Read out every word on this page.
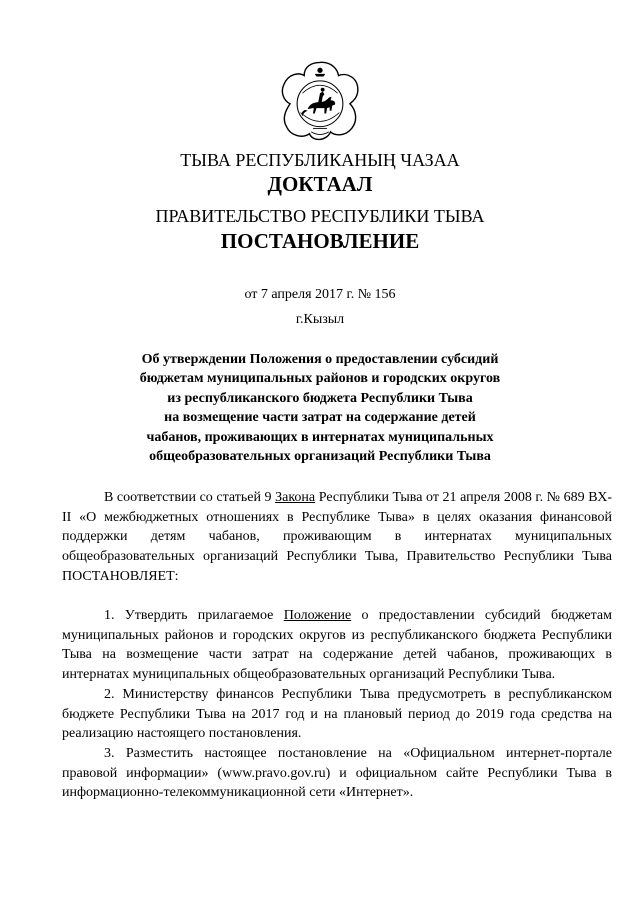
ТЫВА РЕСПУБЛИКАНЫҢ ЧАЗАА
ДОКТААЛ
ПРАВИТЕЛЬСТВО РЕСПУБЛИКИ ТЫВА
ПОСТАНОВЛЕНИЕ
от 7 апреля 2017 г. № 156
г.Кызыл
Об утверждении Положения о предоставлении субсидий
бюджетам муниципальных районов и городских округов
из республиканского бюджета Республики Тыва
на возмещение части затрат на содержание детей
чабанов, проживающих в интернатах муниципальных
общеобразовательных организаций Республики Тыва

В соответствии со статьей 9 Закона Республики Тыва от 21 апреля 2008 г. № 689 ВХ-II «О межбюджетных отношениях в Республике Тыва» в целях оказания финансовой поддержки детям чабанов, проживающим в интернатах муниципальных общеобразовательных организаций Республики Тыва, Правительство Республики Тыва ПОСТАНОВЛЯЕТ:

1. Утвердить прилагаемое Положение о предоставлении субсидий бюджетам муниципальных районов и городских округов из республиканского бюджета Республики Тыва на возмещение части затрат на содержание детей чабанов, проживающих в интернатах муниципальных общеобразовательных организаций Республики Тыва.

2. Министерству финансов Республики Тыва предусмотреть в республиканском бюджете Республики Тыва на 2017 год и на плановый период до 2019 года средства на реализацию настоящего постановления.

3. Разместить настоящее постановление на «Официальном интернет-портале правовой информации» (www.pravo.gov.ru) и официальном сайте Республики Тыва в информационно-телекоммуникационной сети «Интернет».
